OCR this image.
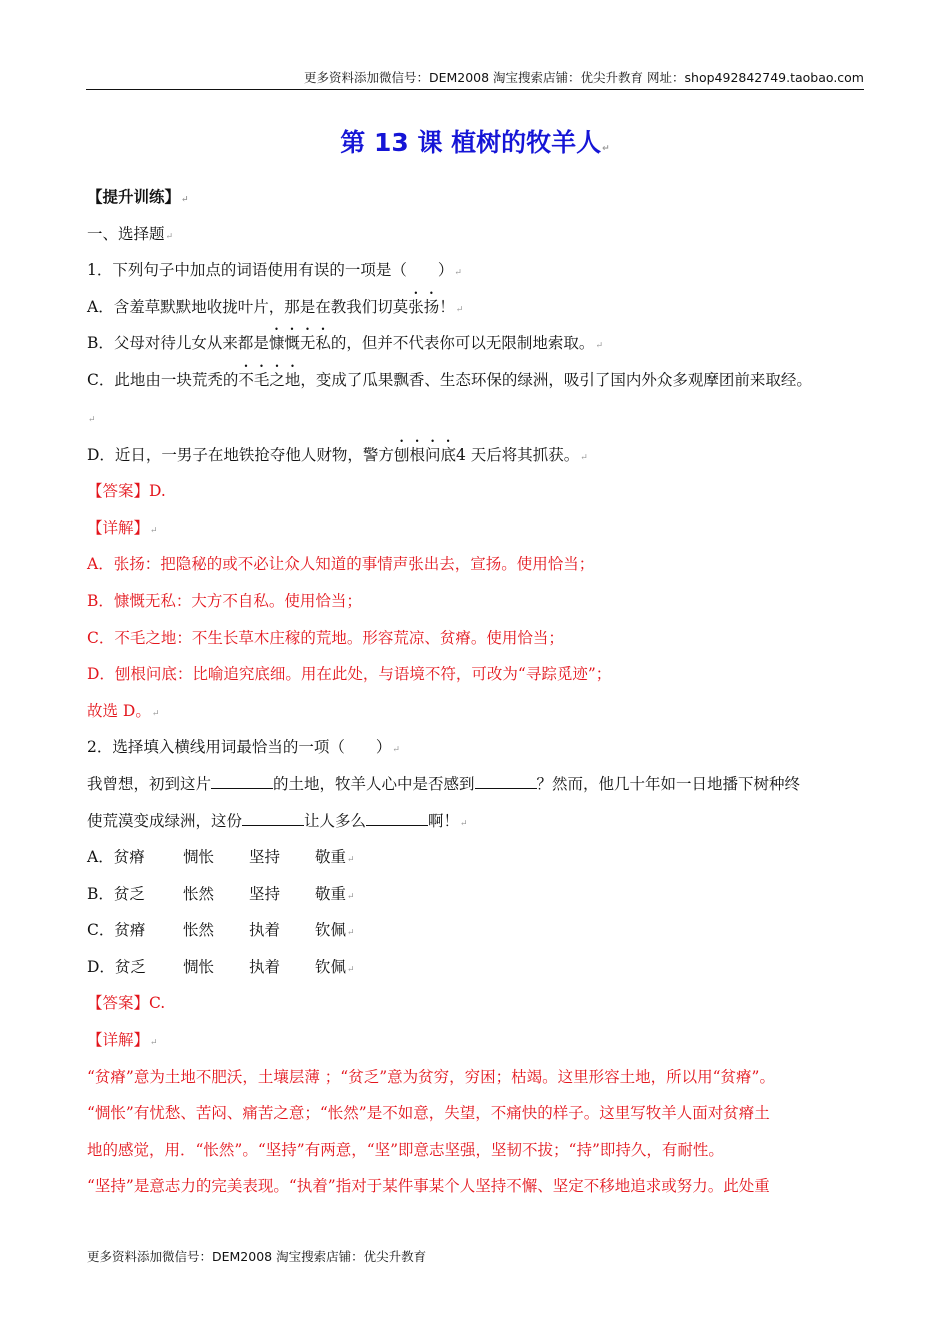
更多资料添加微信号：DEM2008 淘宝搜索店铺：优尖升教育 网址：shop492842749.taobao.com
第 13 课 植树的牧羊人↵
【提升训练】↵
一、选择题↵
1．下列句子中加点的词语使用有误的一项是（　　）↵
A．含羞草默默地收拢叶片，那是在教我们切莫张扬！↵
B．父母对待儿女从来都是慷慨无私的，但并不代表你可以无限制地索取。↵
C．此地由一块荒秃的不毛之地，变成了瓜果飘香、生态环保的绿洲，吸引了国内外众多观摩团前来取经。
↵
D．近日，一男子在地铁抢夺他人财物，警方刨根问底4 天后将其抓获。↵
【答案】D.
【详解】↵
A．张扬：把隐秘的或不必让众人知道的事情声张出去，宣扬。使用恰当；
B．慷慨无私：大方不自私。使用恰当；
C．不毛之地：不生长草木庄稼的荒地。形容荒凉、贫瘠。使用恰当；
D．刨根问底：比喻追究底细。用在此处，与语境不符，可改为“寻踪觅迹”；
故选 D。↵
2．选择填入横线用词最恰当的一项（　　）↵
我曾想，初到这片	的土地，牧羊人心中是否感到	？然而，他几十年如一日地播下树种终
使荒漠变成绿洲，这份	让人多么	啊！↵
A．贫瘠 惆怅 坚持 敬重↵
B．贫乏 怅然 坚持 敬重↵
C．贫瘠 怅然 执着 钦佩↵
D．贫乏 惆怅 执着 钦佩↵
【答案】C.
【详解】↵
“贫瘠”意为土地不肥沃，土壤层薄 ；“贫乏”意为贫穷，穷困；枯竭。这里形容土地，所以用“贫瘠”。
“惆怅”有忧愁、苦闷、痛苦之意；“怅然”是不如意，失望，不痛快的样子。这里写牧羊人面对贫瘠土
地的感觉，用．“怅然”。“坚持”有两意，“坚”即意志坚强，坚韧不拔；“持”即持久，有耐性。
“坚持”是意志力的完美表现。“执着”指对于某件事某个人坚持不懈、坚定不移地追求或努力。此处重
更多资料添加微信号：DEM2008 淘宝搜索店铺：优尖升教育
